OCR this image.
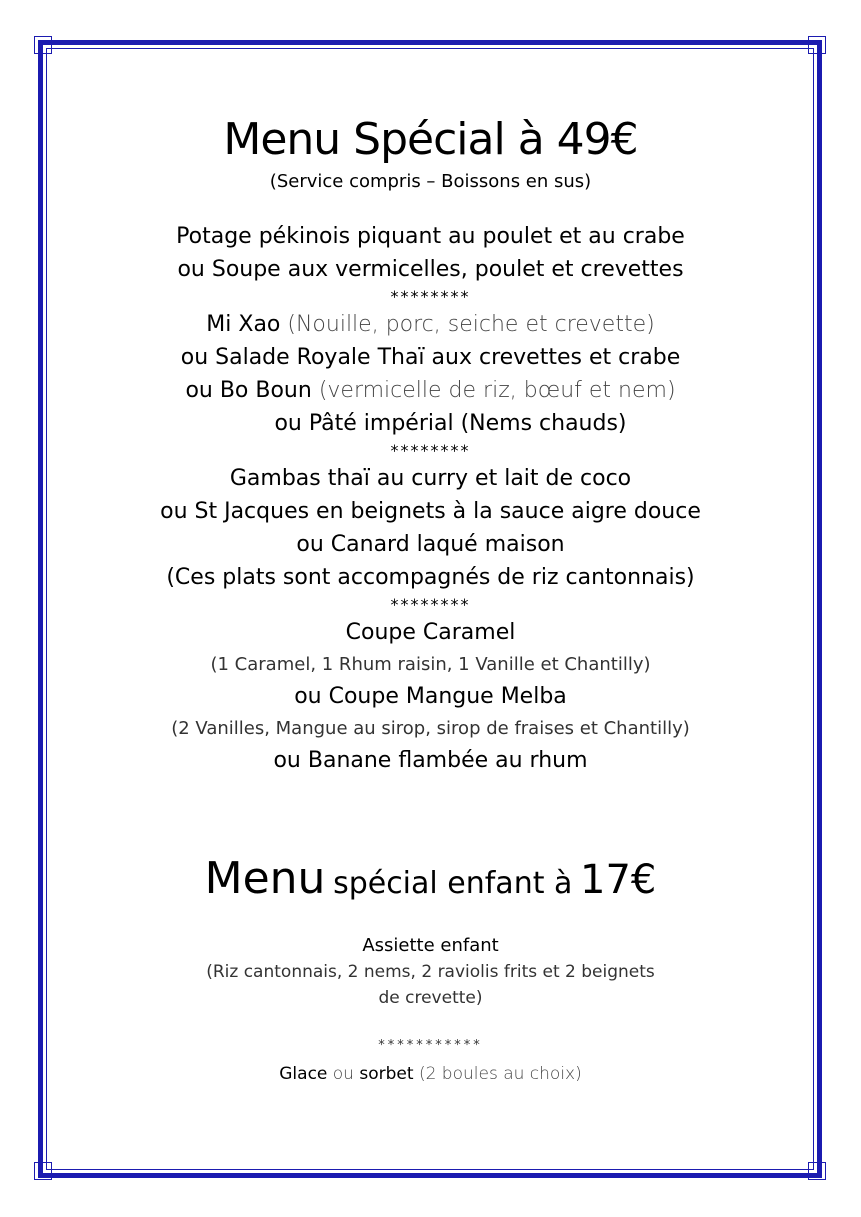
Menu Spécial à 49€

(Service compris – Boissons en sus)

Potage pékinois piquant au poulet et au crabe

ou Soupe aux vermicelles, poulet et crevettes

********

Mi Xao (Nouille, porc, seiche et crevette)

ou Salade Royale Thaï aux crevettes et crabe

ou Bo Boun (vermicelle de riz, bœuf et nem)

ou Pâté impérial (Nems chauds)

********

Gambas thaï au curry et lait de coco

ou St Jacques en beignets à la sauce aigre douce

ou Canard laqué maison

(Ces plats sont accompagnés de riz cantonnais)

********

Coupe Caramel

(1 Caramel, 1 Rhum raisin, 1 Vanille et Chantilly)

ou Coupe Mangue Melba

(2 Vanilles, Mangue au sirop, sirop de fraises et Chantilly)

ou Banane flambée au rhum

Menu spécial enfant à 17€

Assiette enfant

(Riz cantonnais, 2 nems, 2 raviolis frits et 2 beignets

de crevette)

***********

Glace ou sorbet (2 boules au choix)
